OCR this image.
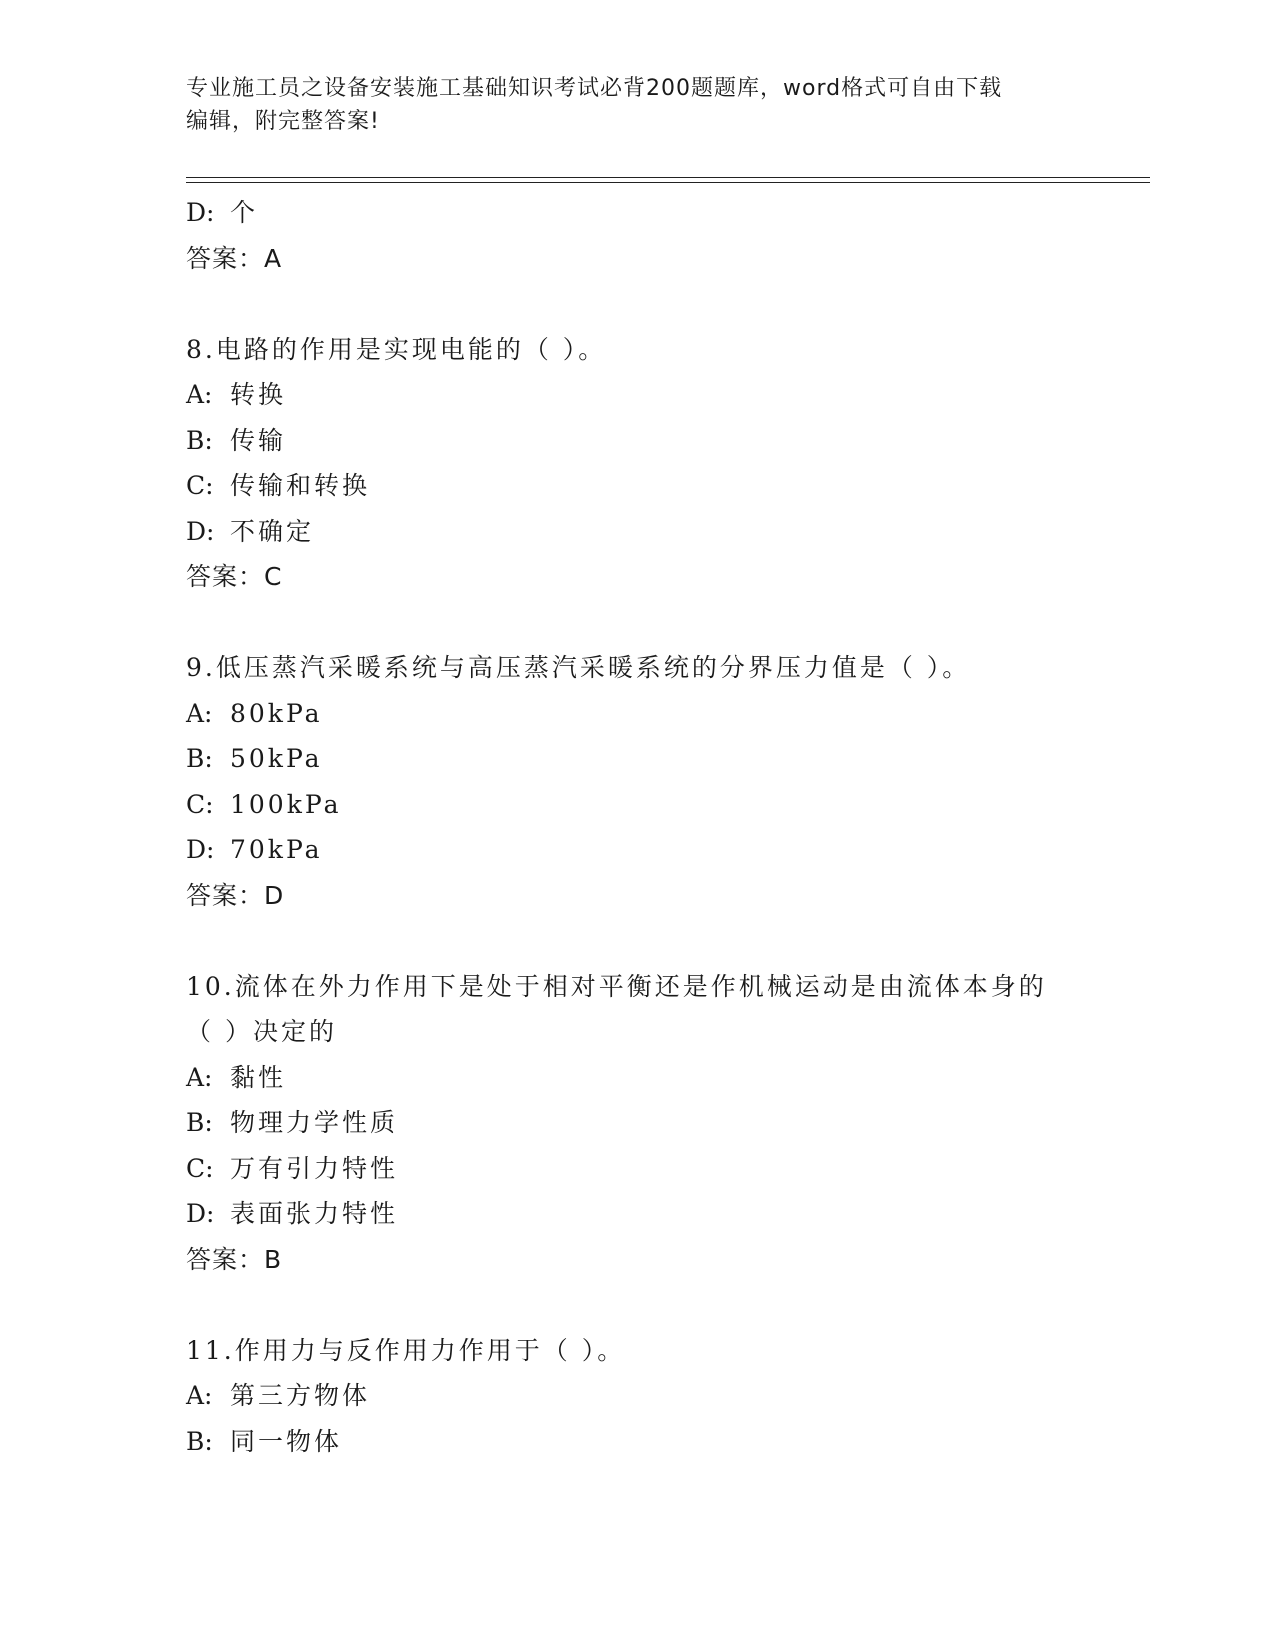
专业施工员之设备安装施工基础知识考试必背200题题库，word格式可自由下载
编辑，附完整答案!
D: 个
答案：A
8.电路的作用是实现电能的（ ）。
A: 转换
B: 传输
C: 传输和转换
D: 不确定
答案：C
9.低压蒸汽采暖系统与高压蒸汽采暖系统的分界压力值是（ ）。
A: 80kPa
B: 50kPa
C: 100kPa
D: 70kPa
答案：D
10.流体在外力作用下是处于相对平衡还是作机械运动是由流体本身的
（ ）决定的
A: 黏性
B: 物理力学性质
C: 万有引力特性
D: 表面张力特性
答案：B
11.作用力与反作用力作用于（ ）。
A: 第三方物体
B: 同一物体
